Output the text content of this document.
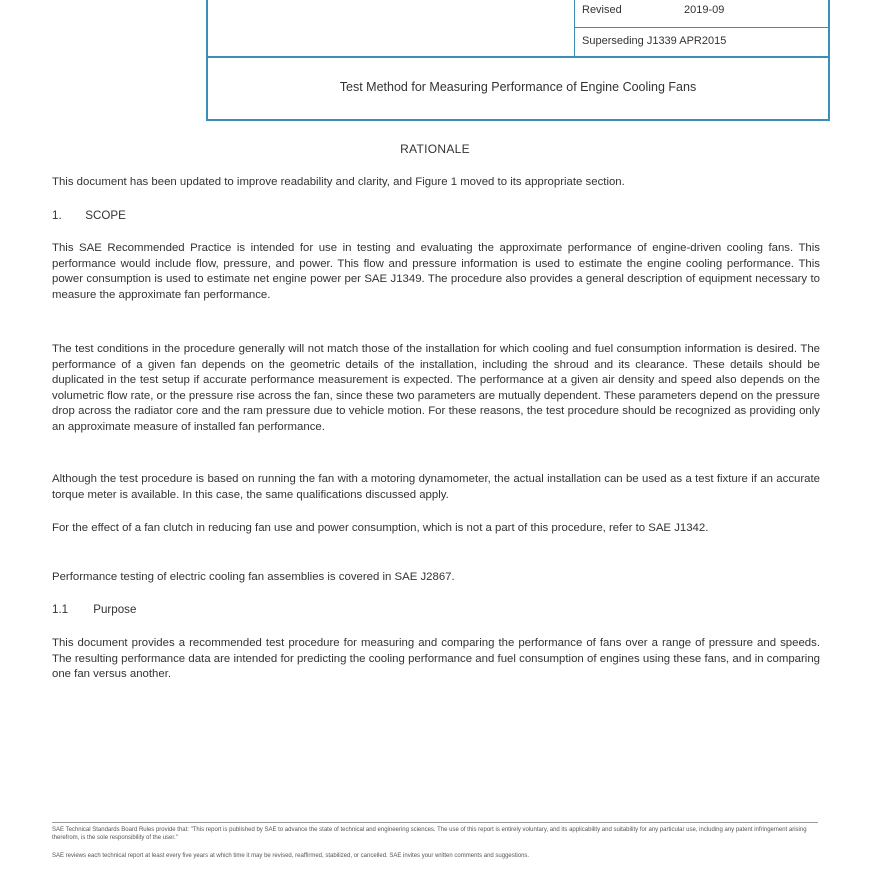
Revised	2019-09
Superseding J1339 APR2015
Test Method for Measuring Performance of Engine Cooling Fans
RATIONALE
This document has been updated to improve readability and clarity, and Figure 1 moved to its appropriate section.
1. SCOPE
This SAE Recommended Practice is intended for use in testing and evaluating the approximate performance of engine-driven cooling fans. This performance would include flow, pressure, and power. This flow and pressure information is used to estimate the engine cooling performance. This power consumption is used to estimate net engine power per SAE J1349. The procedure also provides a general description of equipment necessary to measure the approximate fan performance.
The test conditions in the procedure generally will not match those of the installation for which cooling and fuel consumption information is desired. The performance of a given fan depends on the geometric details of the installation, including the shroud and its clearance. These details should be duplicated in the test setup if accurate performance measurement is expected. The performance at a given air density and speed also depends on the volumetric flow rate, or the pressure rise across the fan, since these two parameters are mutually dependent. These parameters depend on the pressure drop across the radiator core and the ram pressure due to vehicle motion. For these reasons, the test procedure should be recognized as providing only an approximate measure of installed fan performance.
Although the test procedure is based on running the fan with a motoring dynamometer, the actual installation can be used as a test fixture if an accurate torque meter is available. In this case, the same qualifications discussed apply.
For the effect of a fan clutch in reducing fan use and power consumption, which is not a part of this procedure, refer to SAE J1342.
Performance testing of electric cooling fan assemblies is covered in SAE J2867.
1.1 Purpose
This document provides a recommended test procedure for measuring and comparing the performance of fans over a range of pressure and speeds. The resulting performance data are intended for predicting the cooling performance and fuel consumption of engines using these fans, and in comparing one fan versus another.
SAE Technical Standards Board Rules provide that: "This report is published by SAE to advance the state of technical and engineering sciences. The use of this report is entirely voluntary, and its applicability and suitability for any particular use, including any patent infringement arising therefrom, is the sole responsibility of the user."
SAE reviews each technical report at least every five years at which time it may be revised, reaffirmed, stabilized, or cancelled. SAE invites your written comments and suggestions.
